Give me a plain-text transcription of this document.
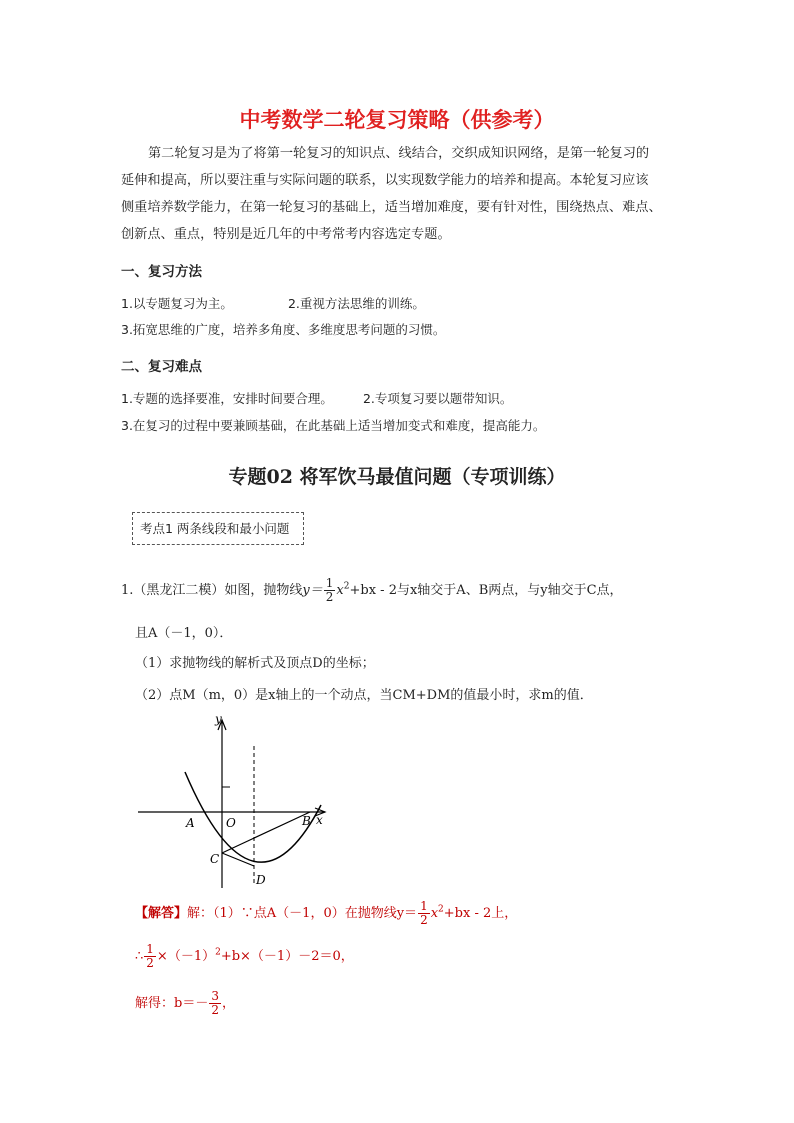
中考数学二轮复习策略（供参考）

第二轮复习是为了将第一轮复习的知识点、线结合，交织成知识网络，是第一轮复习的

延伸和提高，所以要注重与实际问题的联系，以实现数学能力的培养和提高。本轮复习应该

侧重培养数学能力，在第一轮复习的基础上，适当增加难度，要有针对性，围绕热点、难点、

创新点、重点，特别是近几年的中考常考内容选定专题。

一、复习方法
1.以专题复习为主。	2.重视方法思维的训练。
3.拓宽思维的广度，培养多角度、多维度思考问题的习惯。
二、复习难点
1.专题的选择要准，安排时间要合理。 2.专项复习要以题带知识。
3.在复习的过程中要兼顾基础，在此基础上适当增加变式和难度，提高能力。
专题02 将军饮马最值问题（专项训练）
考点1 两条线段和最小问题
1.（黑龙江二模）如图，抛物线$y= \frac{1}{2} x^2+bx - 2$与x轴交于A、B两点，与y轴交于C点，
且A（－1，0）．
（1）求抛物线的解析式及顶点D的坐标；
（2）点M（m，0）是x轴上的一个动点，当CM+DM的值最小时，求m的值．
y
x
A	O	B
C
D
【解答】解：（1）∵点A（－1，0）在抛物线$y= \frac{1}{2} x^2+bx - 2$上，
∴ $\frac{1}{2} \times(-1)^2+b\times(-1)-2=0$，
解得：$b=- \frac{3}{2}$ ，
